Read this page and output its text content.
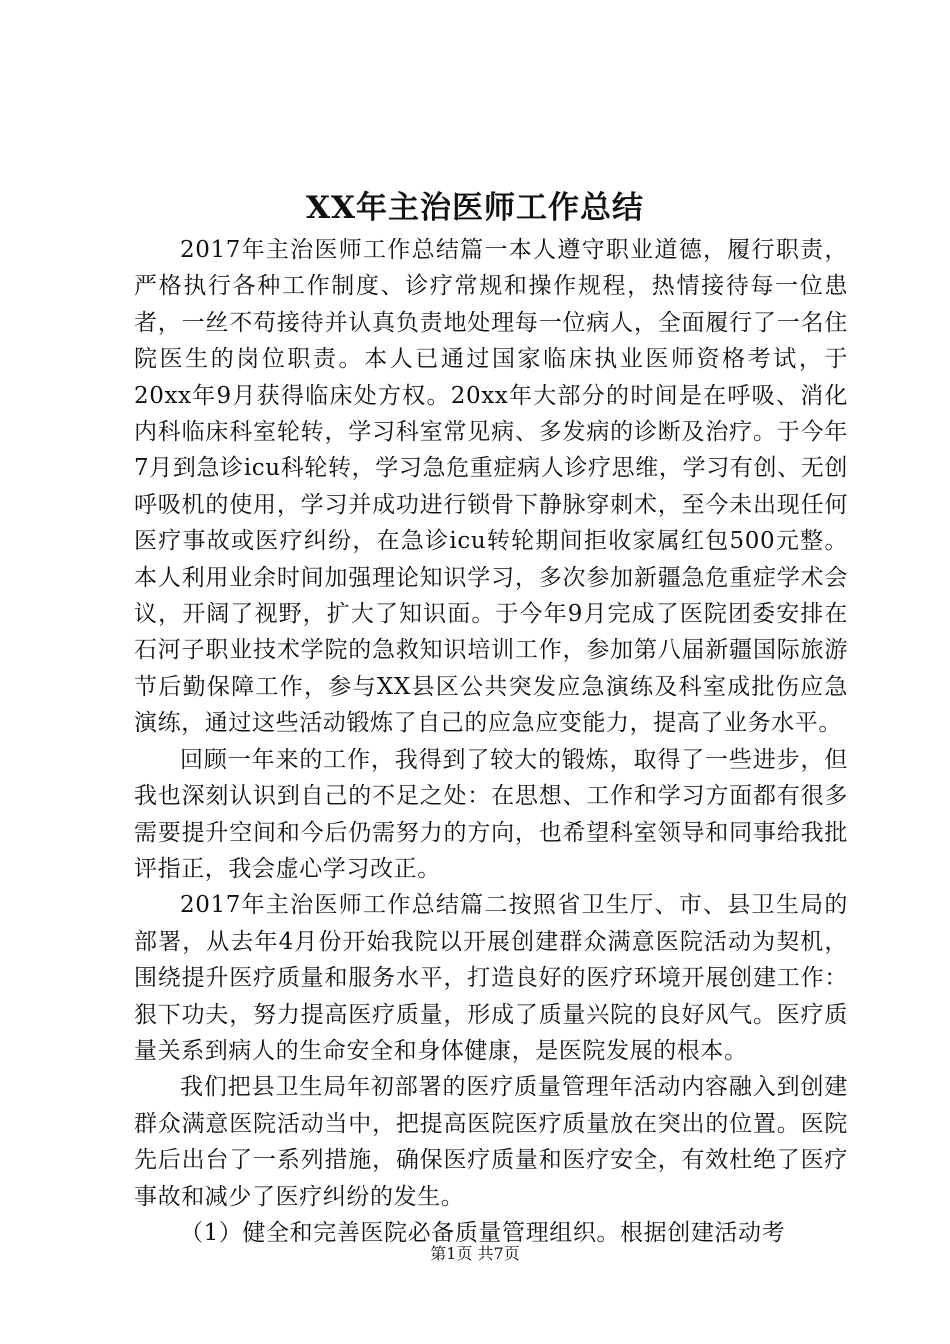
XX年主治医师工作总结

2017年主治医师工作总结篇一本人遵守职业道德，履行职责，严格执行各种工作制度、诊疗常规和操作规程，热情接待每一位患者，一丝不苟接待并认真负责地处理每一位病人，全面履行了一名住院医生的岗位职责。本人已通过国家临床执业医师资格考试，于20xx年9月获得临床处方权。20xx年大部分的时间是在呼吸、消化内科临床科室轮转，学习科室常见病、多发病的诊断及治疗。于今年7月到急诊icu科轮转，学习急危重症病人诊疗思维，学习有创、无创呼吸机的使用，学习并成功进行锁骨下静脉穿刺术，至今未出现任何医疗事故或医疗纠纷，在急诊icu转轮期间拒收家属红包500元整。本人利用业余时间加强理论知识学习，多次参加新疆急危重症学术会议，开阔了视野，扩大了知识面。于今年9月完成了医院团委安排在石河子职业技术学院的急救知识培训工作，参加第八届新疆国际旅游节后勤保障工作，参与XX县区公共突发应急演练及科室成批伤应急演练，通过这些活动锻炼了自己的应急应变能力，提高了业务水平。

回顾一年来的工作，我得到了较大的锻炼，取得了一些进步，但我也深刻认识到自己的不足之处：在思想、工作和学习方面都有很多需要提升空间和今后仍需努力的方向，也希望科室领导和同事给我批评指正，我会虚心学习改正。

2017年主治医师工作总结篇二按照省卫生厅、市、县卫生局的部署，从去年4月份开始我院以开展创建群众满意医院活动为契机，围绕提升医疗质量和服务水平，打造良好的医疗环境开展创建工作：狠下功夫，努力提高医疗质量，形成了质量兴院的良好风气。医疗质量关系到病人的生命安全和身体健康，是医院发展的根本。

我们把县卫生局年初部署的医疗质量管理年活动内容融入到创建群众满意医院活动当中，把提高医院医疗质量放在突出的位置。医院先后出台了一系列措施，确保医疗质量和医疗安全，有效杜绝了医疗事故和减少了医疗纠纷的发生。

（1）健全和完善医院必备质量管理组织。根据创建活动考

第1页 共7页
